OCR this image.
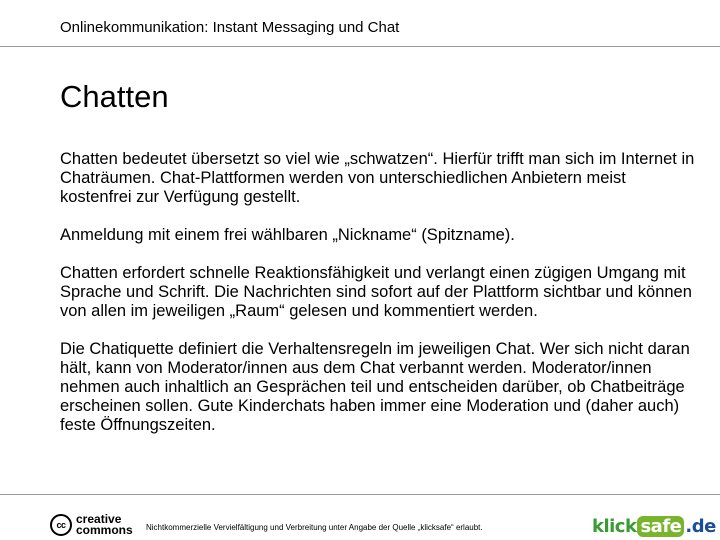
Onlinekommunikation: Instant Messaging und Chat
Chatten

Chatten bedeutet übersetzt so viel wie „schwatzen“. Hierfür trifft man sich im Internet in Chaträumen. Chat-Plattformen werden von unterschiedlichen Anbietern meist kostenfrei zur Verfügung gestellt.

Anmeldung mit einem frei wählbaren „Nickname“ (Spitzname).

Chatten erfordert schnelle Reaktionsfähigkeit und verlangt einen zügigen Umgang mit Sprache und Schrift. Die Nachrichten sind sofort auf der Plattform sichtbar und können von allen im jeweiligen „Raum“ gelesen und kommentiert werden.

Die Chatiquette definiert die Verhaltensregeln im jeweiligen Chat. Wer sich nicht daran hält, kann von Moderator/innen aus dem Chat verbannt werden. Moderator/innen nehmen auch inhaltlich an Gesprächen teil und entscheiden darüber, ob Chatbeiträge erscheinen sollen. Gute Kinderchats haben immer eine Moderation und (daher auch) feste Öffnungszeiten.

cc creative
commons Nichtkommerzielle Vervielfältigung und Verbreitung unter Angabe der Quelle „klicksafe“ erlaubt.	klick safe .de
